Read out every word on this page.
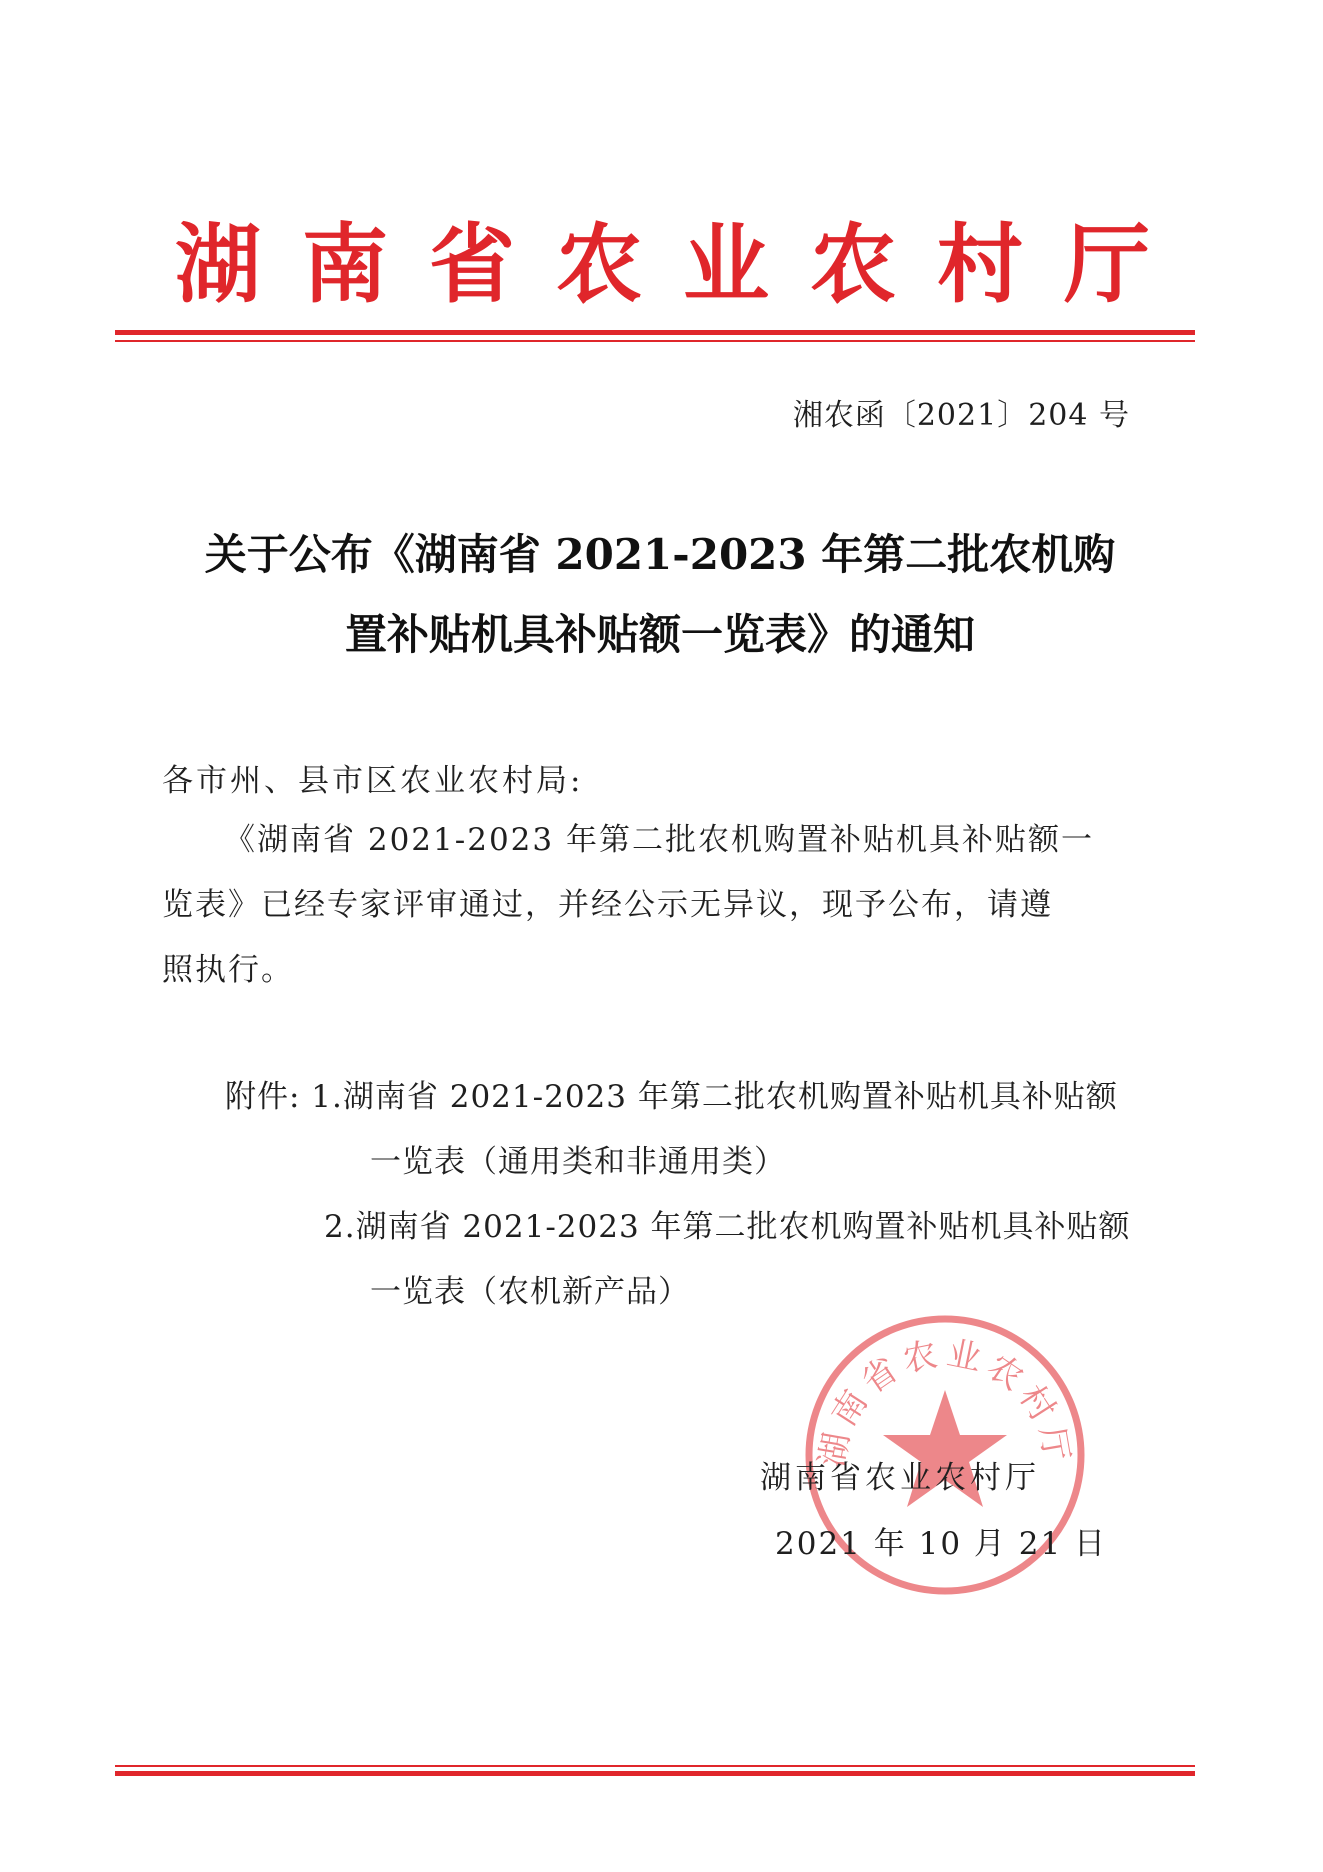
湖 南 省 农 业 农 村 厅
湘农函〔2021〕204 号
关于公布《湖南省 2021-2023 年第二批农机购
置补贴机具补贴额一览表》的通知
各市州、县市区农业农村局:
《湖南省 2021-2023 年第二批农机购置补贴机具补贴额一
览表》已经专家评审通过，并经公示无异议，现予公布，请遵
照执行。
附件: 1.湖南省 2021-2023 年第二批农机购置补贴机具补贴额
一览表（通用类和非通用类）
2.湖南省 2021-2023 年第二批农机购置补贴机具补贴额
一览表（农机新产品）
湖南省农业农村厅
湖南省农业农村厅
2021 年 10 月 21 日
